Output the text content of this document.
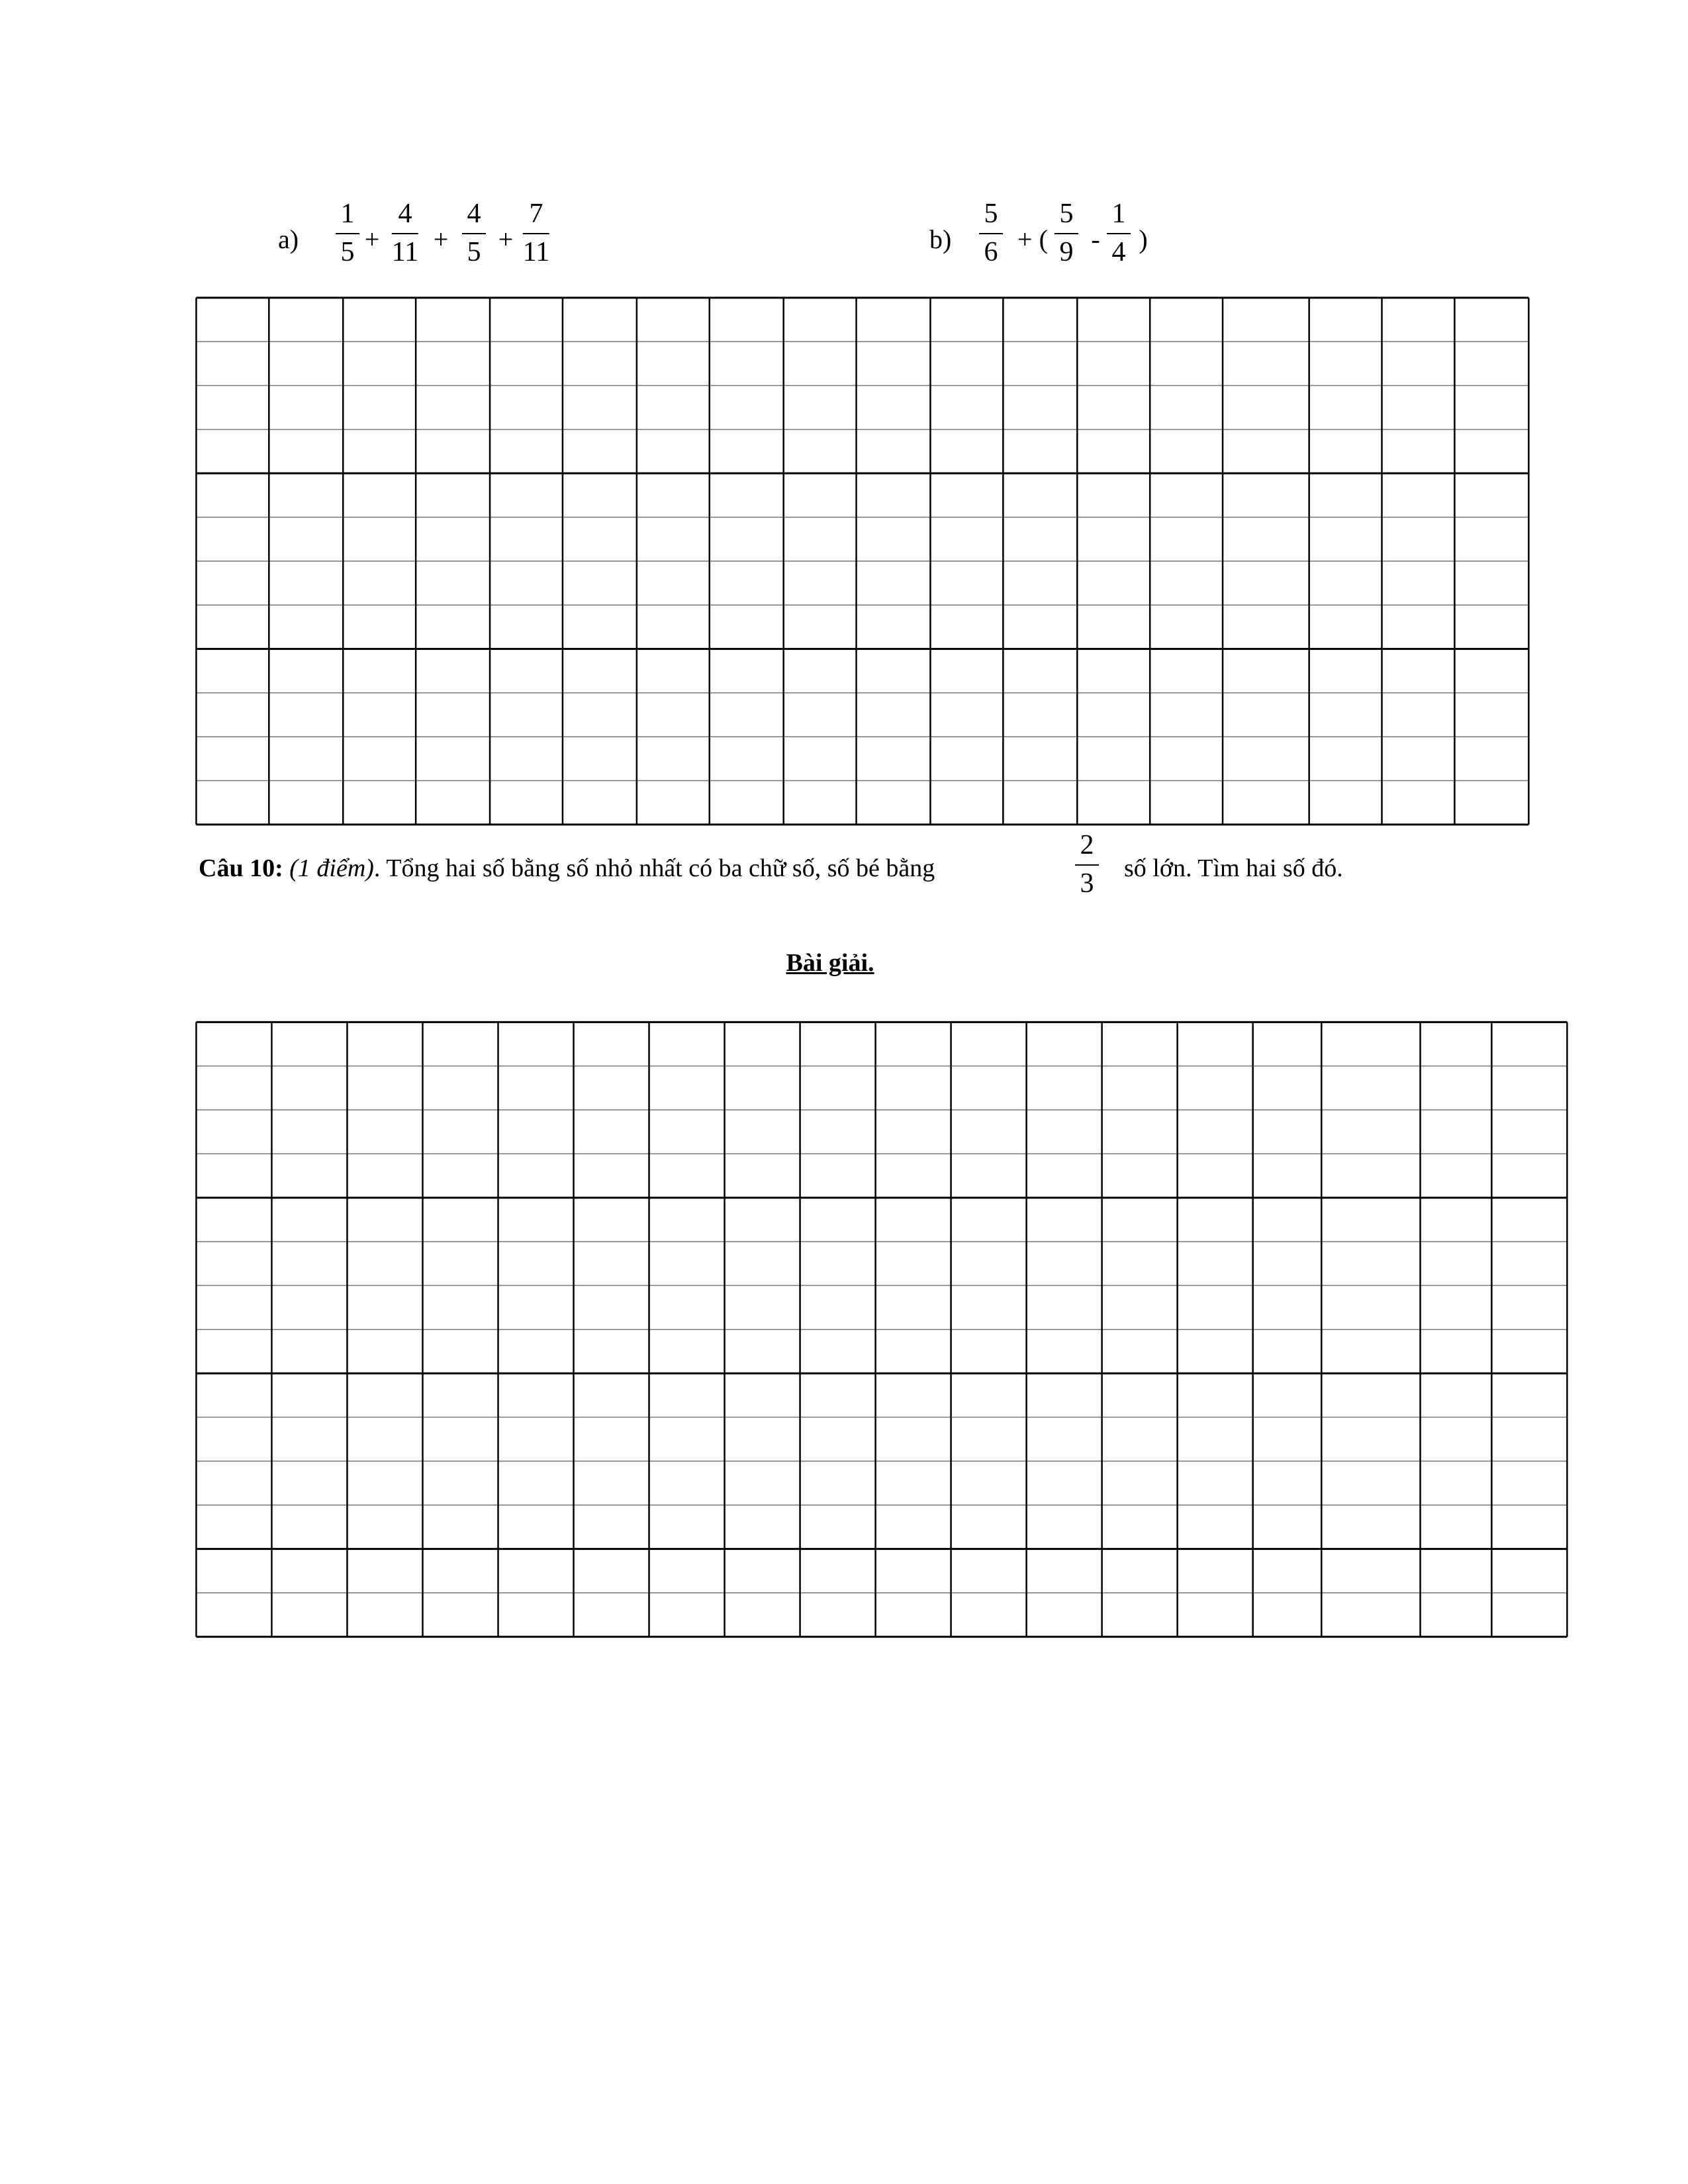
a)
1
5 +
4
11 +
4
5 +
7
11	b)
5
6 + (
5
9 -
1
4 )
Câu 10: (1 điểm). Tổng hai số bằng số nhỏ nhất có ba chữ số, số bé bằng
2
3 số lớn. Tìm hai số đó.
Bài giải.
